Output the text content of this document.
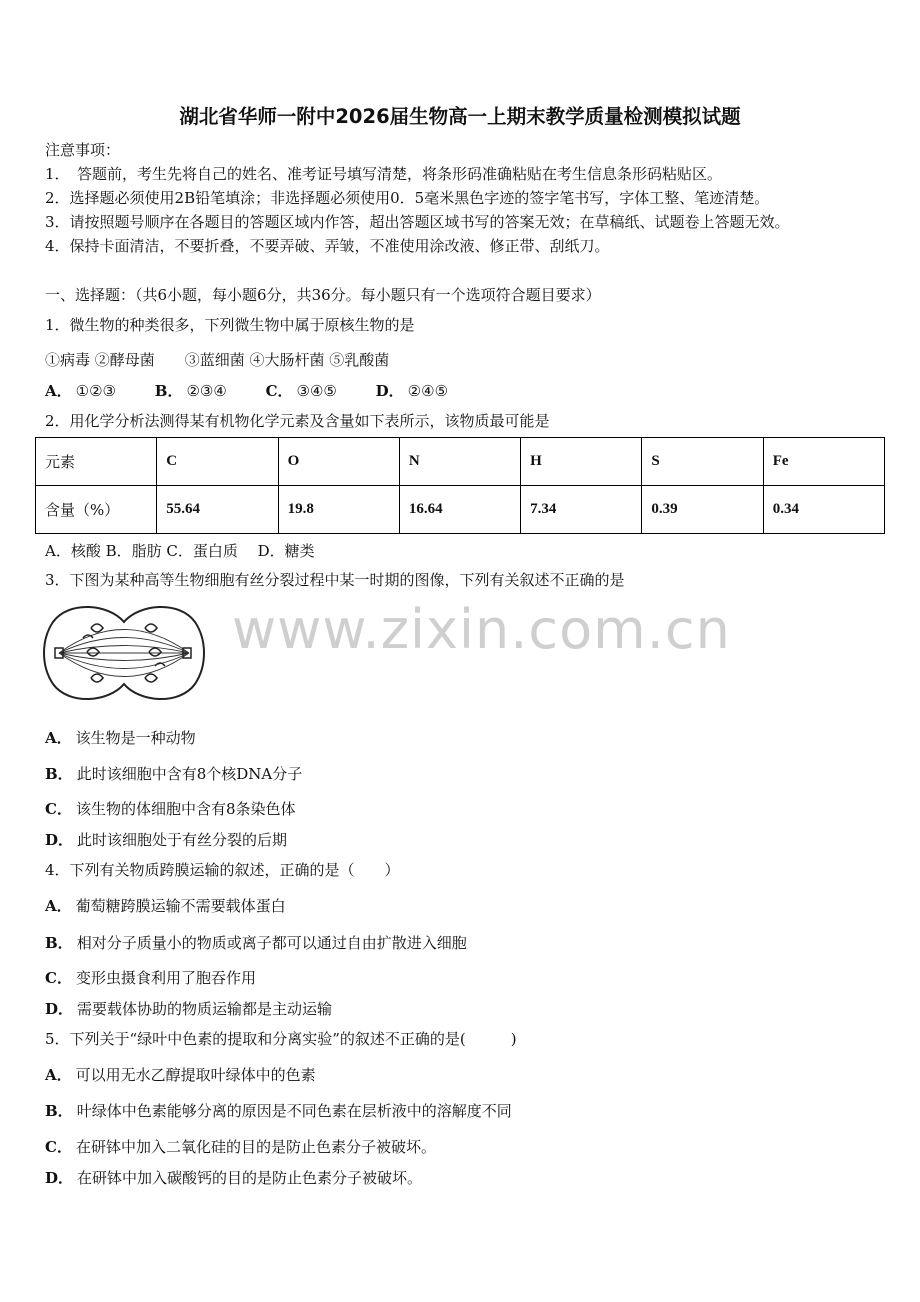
湖北省华师一附中2026届生物高一上期末教学质量检测模拟试题
注意事项：
1．　答题前，考生先将自己的姓名、准考证号填写清楚，将条形码准确粘贴在考生信息条形码粘贴区。
2．选择题必须使用2B铅笔填涂；非选择题必须使用0．5毫米黑色字迹的签字笔书写，字体工整、笔迹清楚。
3．请按照题号顺序在各题目的答题区域内作答，超出答题区域书写的答案无效；在草稿纸、试题卷上答题无效。
4．保持卡面清洁，不要折叠，不要弄破、弄皱，不准使用涂改液、修正带、刮纸刀。
一、选择题：（共6小题，每小题6分，共36分。每小题只有一个选项符合题目要求）
1．微生物的种类很多，下列微生物中属于原核生物的是
①病毒 ②酵母菌　　③蓝细菌 ④大肠杆菌 ⑤乳酸菌
A． ①②③	B． ②③④	C． ③④⑤	D． ②④⑤
2．用化学分析法测得某有机物化学元素及含量如下表所示，该物质最可能是
元素	C	O	N	H	S	Fe
含量（%）	55.64	19.8	16.64	7.34	0.39	0.34
A．核酸 B．脂肪 C．蛋白质　 D．糖类
3．下图为某种高等生物细胞有丝分裂过程中某一时期的图像，下列有关叙述不正确的是
www.zixin.com.cn
A． 该生物是一种动物
B． 此时该细胞中含有8个核DNA分子
C． 该生物的体细胞中含有8条染色体
D． 此时该细胞处于有丝分裂的后期
4．下列有关物质跨膜运输的叙述，正确的是（　　）
A． 葡萄糖跨膜运输不需要载体蛋白
B． 相对分子质量小的物质或离子都可以通过自由扩散进入细胞
C． 变形虫摄食利用了胞吞作用
D． 需要载体协助的物质运输都是主动运输
5．下列关于“绿叶中色素的提取和分离实验”的叙述不正确的是(　　　)
A． 可以用无水乙醇提取叶绿体中的色素
B． 叶绿体中色素能够分离的原因是不同色素在层析液中的溶解度不同
C． 在研钵中加入二氧化硅的目的是防止色素分子被破坏。
D． 在研钵中加入碳酸钙的目的是防止色素分子被破坏。
